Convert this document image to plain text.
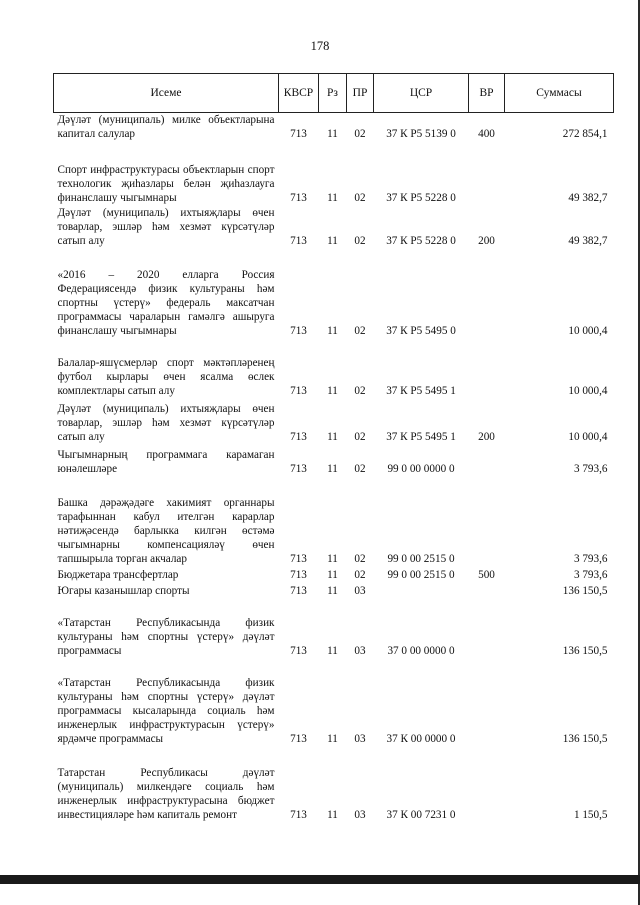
178
Исеме	КВСР	Рз	ПР	ЦСР	ВР	Суммасы
Дәүләт (муниципаль) милке объектларына капитал салулар	713	11	02	37 К Р5 5139 0	400	272 854,1
Спорт инфраструктурасы объектларын спорт технологик җиһазлары белән җиһазлауга финанслашу чыгымнары	713	11	02	37 К Р5 5228 0		49 382,7
Дәүләт (муниципаль) ихтыяҗлары өчен товарлар, эшләр һәм хезмәт күрсәтүләр сатып алу	713	11	02	37 К Р5 5228 0	200	49 382,7
«2016 – 2020 елларга Россия Федерациясендә физик культураны һәм спортны үстерү» федераль максатчан программасы чараларын гамәлгә ашыруга финанслашу чыгымнары	713	11	02	37 К Р5 5495 0		10 000,4
Балалар-яшүсмерләр спорт мәктәпләренең футбол кырлары өчен ясалма өслек комплектлары сатып алу	713	11	02	37 К Р5 5495 1		10 000,4
Дәүләт (муниципаль) ихтыяҗлары өчен товарлар, эшләр һәм хезмәт күрсәтүләр сатып алу	713	11	02	37 К Р5 5495 1	200	10 000,4
Чыгымнарның программага карамаган юнәлешләре	713	11	02	99 0 00 0000 0		3 793,6
Башка дәрәҗәдәге хакимият органнары тарафыннан кабул ителгән карарлар нәтиҗәсендә барлыкка килгән өстәмә чыгымнарны компенсацияләү өчен тапшырыла торган акчалар	713	11	02	99 0 00 2515 0		3 793,6
Бюджетара трансфертлар	713	11	02	99 0 00 2515 0	500	3 793,6
Югары казанышлар спорты	713	11	03			136 150,5
«Татарстан Республикасында физик культураны һәм спортны үстерү» дәүләт программасы	713	11	03	37 0 00 0000 0		136 150,5
«Татарстан Республикасында физик культураны һәм спортны үстерү» дәүләт программасы кысаларында социаль һәм инженерлык инфраструктурасын үстерү» ярдәмче программасы	713	11	03	37 К 00 0000 0		136 150,5
Татарстан Республикасы дәүләт (муниципаль) милкендәге социаль һәм инженерлык инфраструктурасына бюджет инвестицияләре һәм капиталь ремонт	713	11	03	37 К 00 7231 0		1 150,5
